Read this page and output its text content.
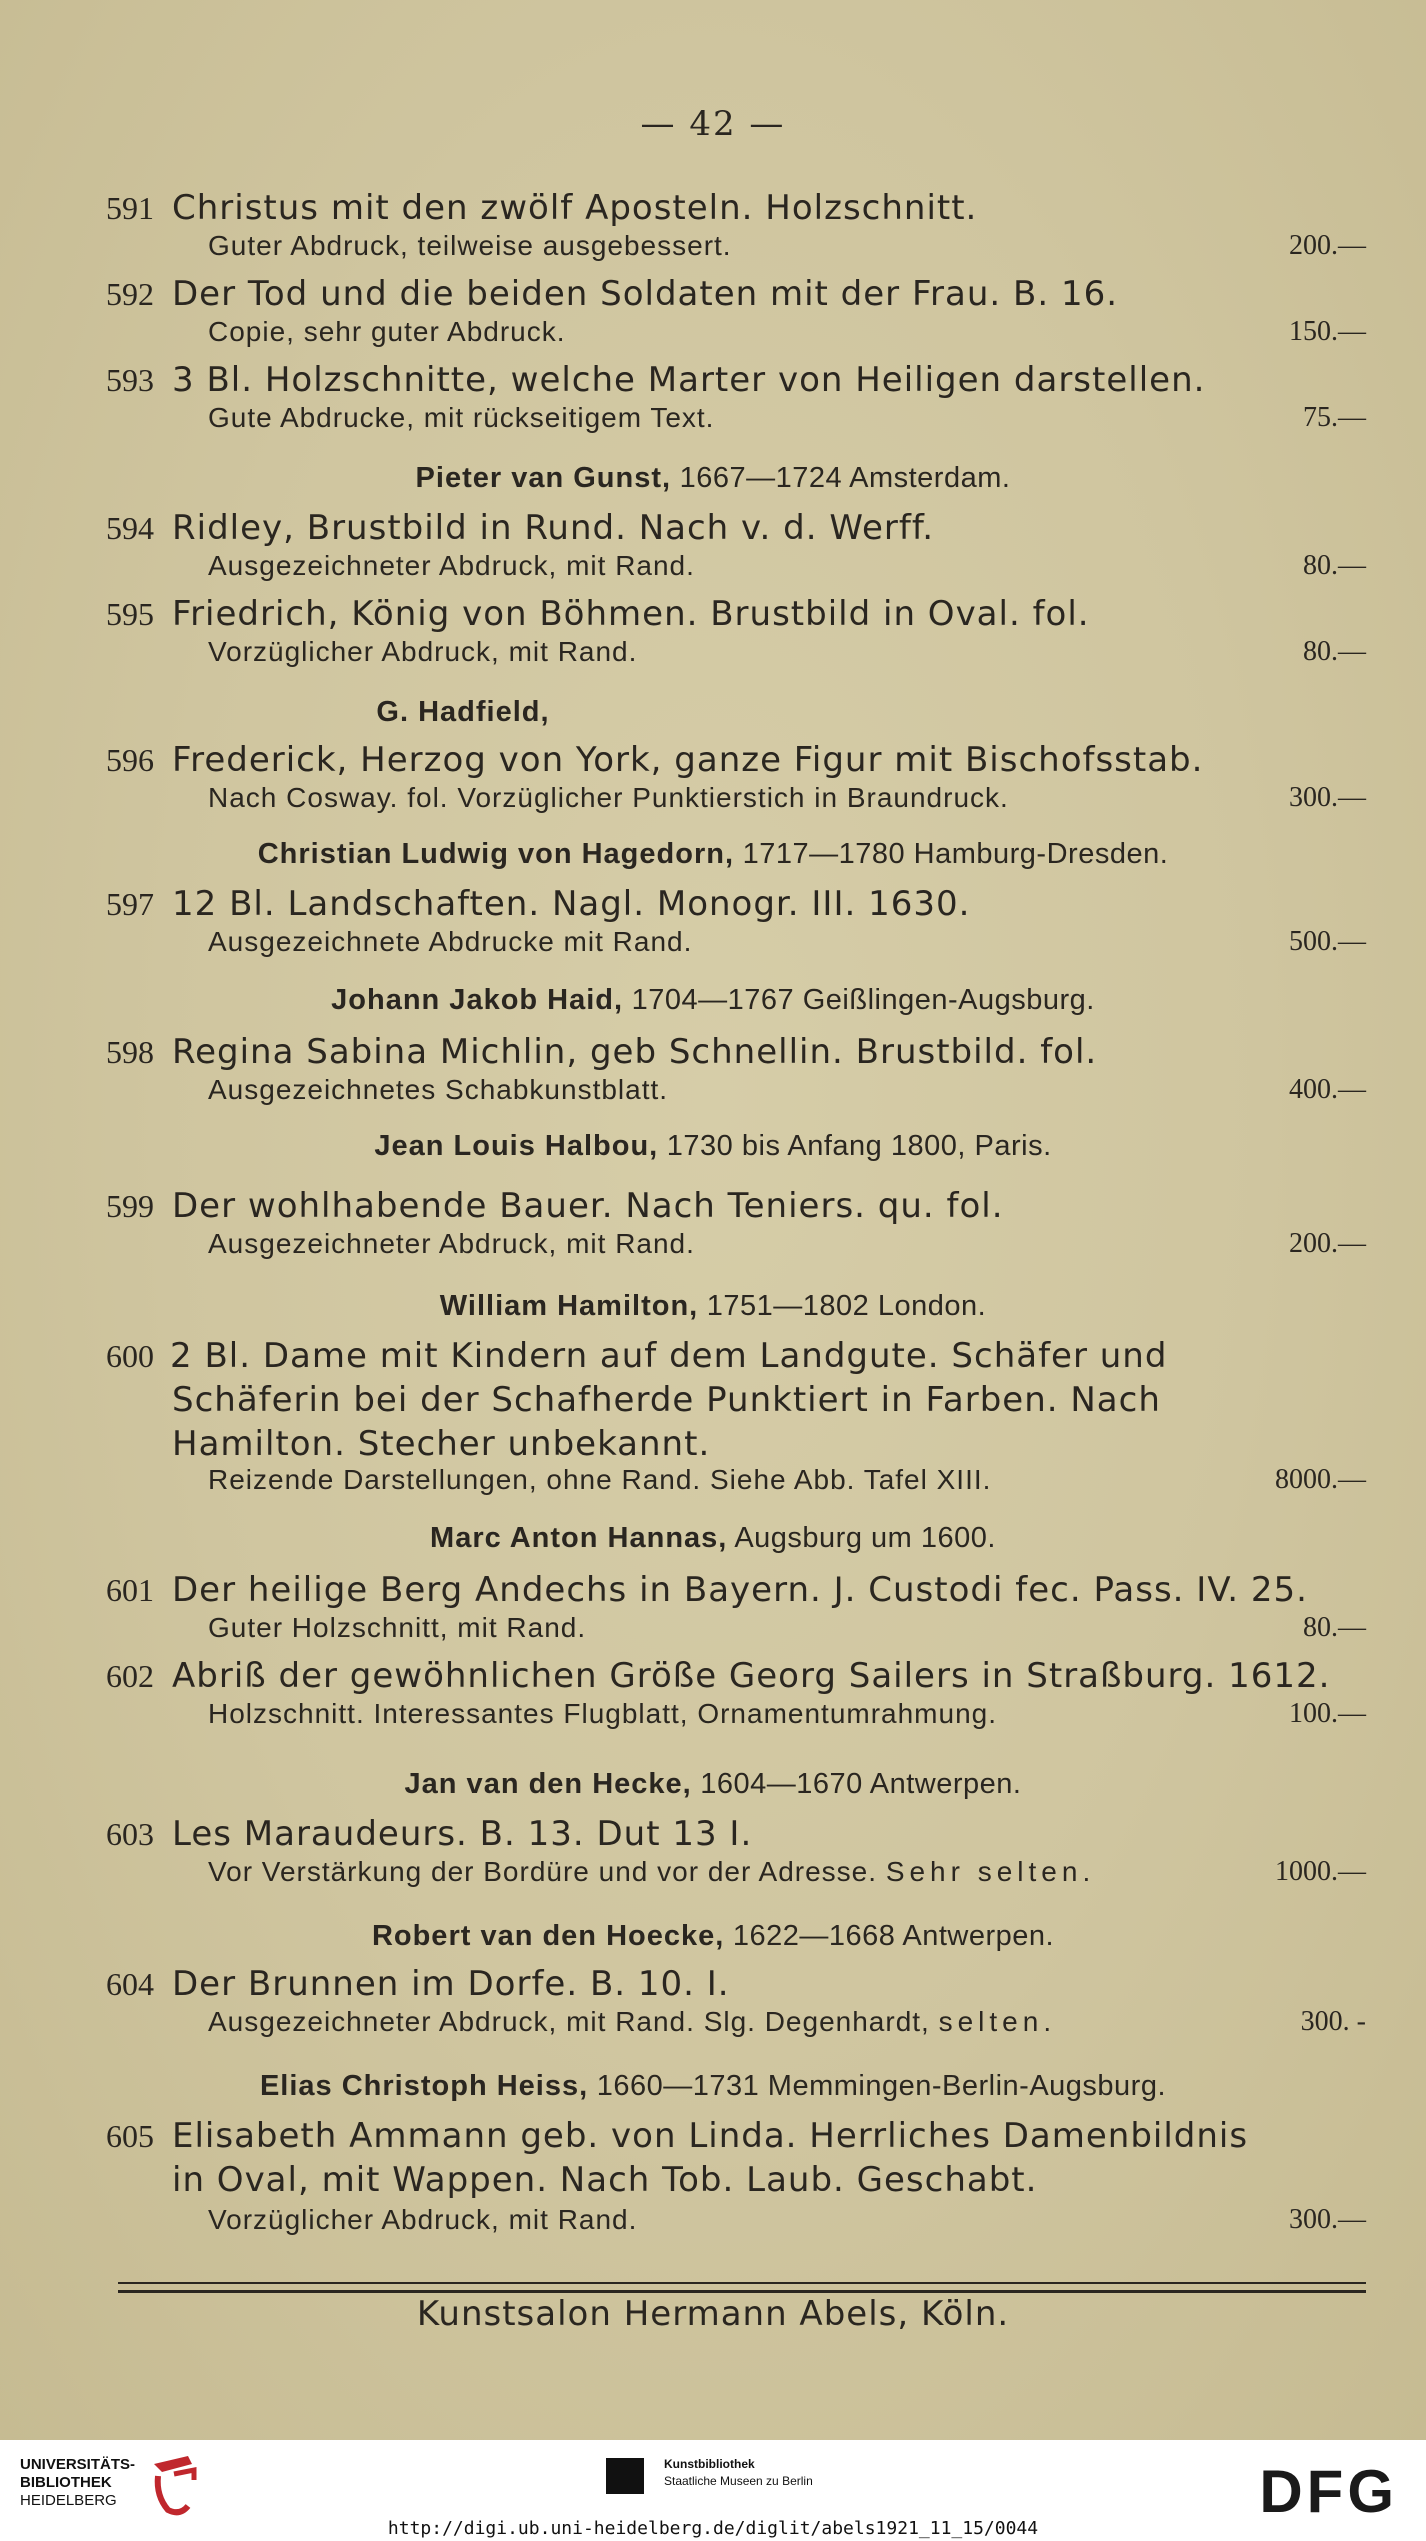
— 42 —
591 Christus mit den zwölf Aposteln. Holzschnitt.
Guter Abdruck, teilweise ausgebessert.	200.—
592 Der Tod und die beiden Soldaten mit der Frau. B. 16.
Copie, sehr guter Abdruck.	150.—
593 3 Bl. Holzschnitte, welche Marter von Heiligen darstellen.
Gute Abdrucke, mit rückseitigem Text.	75.—
Pieter van Gunst, 1667—1724 Amsterdam.
594 Ridley, Brustbild in Rund. Nach v. d. Werff.
Ausgezeichneter Abdruck, mit Rand.	80.—
595 Friedrich, König von Böhmen. Brustbild in Oval. fol.
Vorzüglicher Abdruck, mit Rand.	80.—
G. Hadfield,
596 Frederick, Herzog von York, ganze Figur mit Bischofsstab.
Nach Cosway. fol. Vorzüglicher Punktierstich in Braundruck.	300.—
Christian Ludwig von Hagedorn, 1717—1780 Hamburg-Dresden.
597 12 Bl. Landschaften. Nagl. Monogr. III. 1630.
Ausgezeichnete Abdrucke mit Rand.	500.—
Johann Jakob Haid, 1704—1767 Geißlingen-Augsburg.
598 Regina Sabina Michlin, geb Schnellin. Brustbild. fol.
Ausgezeichnetes Schabkunstblatt.	400.—
Jean Louis Halbou, 1730 bis Anfang 1800, Paris.
599 Der wohlhabende Bauer. Nach Teniers. qu. fol.
Ausgezeichneter Abdruck, mit Rand.	200.—
William Hamilton, 1751—1802 London.
600 2 Bl. Dame mit Kindern auf dem Landgute. Schäfer und Schäferin bei der Schafherde Punktiert in Farben. Nach Hamilton. Stecher unbekannt.
Reizende Darstellungen, ohne Rand. Siehe Abb. Tafel XIII.	8000.—
Marc Anton Hannas, Augsburg um 1600.
601 Der heilige Berg Andechs in Bayern. J. Custodi fec. Pass. IV. 25.
Guter Holzschnitt, mit Rand.	80.—
602 Abriß der gewöhnlichen Größe Georg Sailers in Straßburg. 1612.
Holzschnitt. Interessantes Flugblatt, Ornamentumrahmung.	100.—
Jan van den Hecke, 1604—1670 Antwerpen.
603 Les Maraudeurs. B. 13. Dut 13 I.
Vor Verstärkung der Bordüre und vor der Adresse. Sehr selten.	1000.—
Robert van den Hoecke, 1622—1668 Antwerpen.
604 Der Brunnen im Dorfe. B. 10. I.
Ausgezeichneter Abdruck, mit Rand. Slg. Degenhardt, selten.	300. -
Elias Christoph Heiss, 1660—1731 Memmingen-Berlin-Augsburg.
605 Elisabeth Ammann geb. von Linda. Herrliches Damenbildnis in Oval, mit Wappen. Nach Tob. Laub. Geschabt.
Vorzüglicher Abdruck, mit Rand.	300.—
Kunstsalon Hermann Abels, Köln.
UNIVERSITÄTS-
BIBLIOTHEK
HEIDELBERG
Kunstbibliothek
Staatliche Museen zu Berlin	DFG
http://digi.ub.uni-heidelberg.de/diglit/abels1921_11_15/0044
